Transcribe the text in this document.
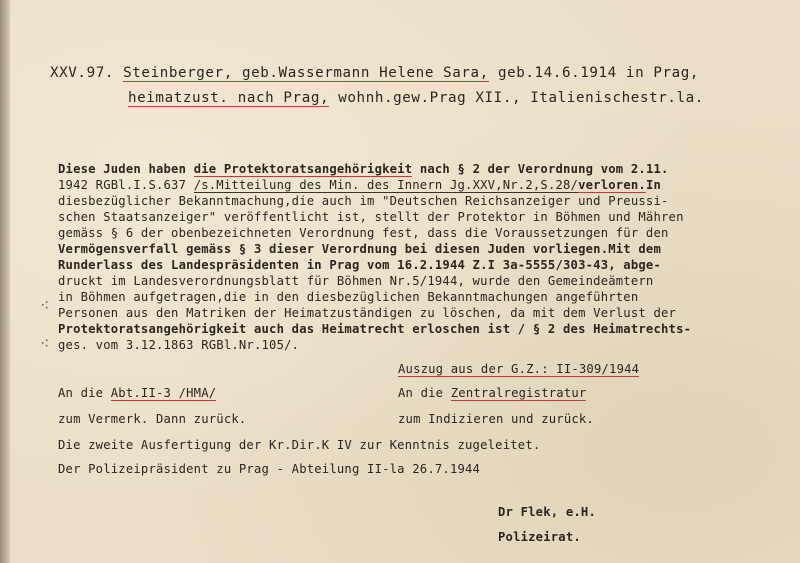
XXV.97. Steinberger, geb.Wassermann Helene Sara, geb.14.6.1914 in Prag,
heimatzust. nach Prag, wohnh.gew.Prag XII., Italienischestr.la.
Diese Juden haben die Protektoratsangehörigkeit nach § 2 der Verordnung vom 2.11.
1942 RGBl.I.S.637 /s.Mitteilung des Min. des Innern Jg.XXV,Nr.2,S.28/verloren.In
diesbezüglicher Bekanntmachung,die auch im "Deutschen Reichsanzeiger und Preussi-
schen Staatsanzeiger" veröffentlicht ist, stellt der Protektor in Böhmen und Mähren
gemäss § 6 der obenbezeichneten Verordnung fest, dass die Voraussetzungen für den
Vermögensverfall gemäss § 3 dieser Verordnung bei diesen Juden vorliegen.Mit dem
Runderlass des Landespräsidenten in Prag vom 16.2.1944 Z.I 3a-5555/303-43, abge-
druckt im Landesverordnungsblatt für Böhmen Nr.5/1944, wurde den Gemeindeämtern
in Böhmen aufgetragen,die in den diesbezüglichen Bekanntmachungen angeführten
Personen aus den Matriken der Heimatzuständigen zu löschen, da mit dem Verlust der
Protektoratsangehörigkeit auch das Heimatrecht erloschen ist / § 2 des Heimatrechts-
ges. vom 3.12.1863 RGBl.Nr.105/.
⁖
⁖
Auszug aus der G.Z.: II-309/1944
An die Abt.II-3 /HMA/	An die Zentralregistratur
zum Vermerk. Dann zurück.	zum Indizieren und zurück.
Die zweite Ausfertigung der Kr.Dir.K IV zur Kenntnis zugeleitet.
Der Polizeipräsident zu Prag - Abteilung II-la 26.7.1944
Dr Flek, e.H.
Polizeirat.
